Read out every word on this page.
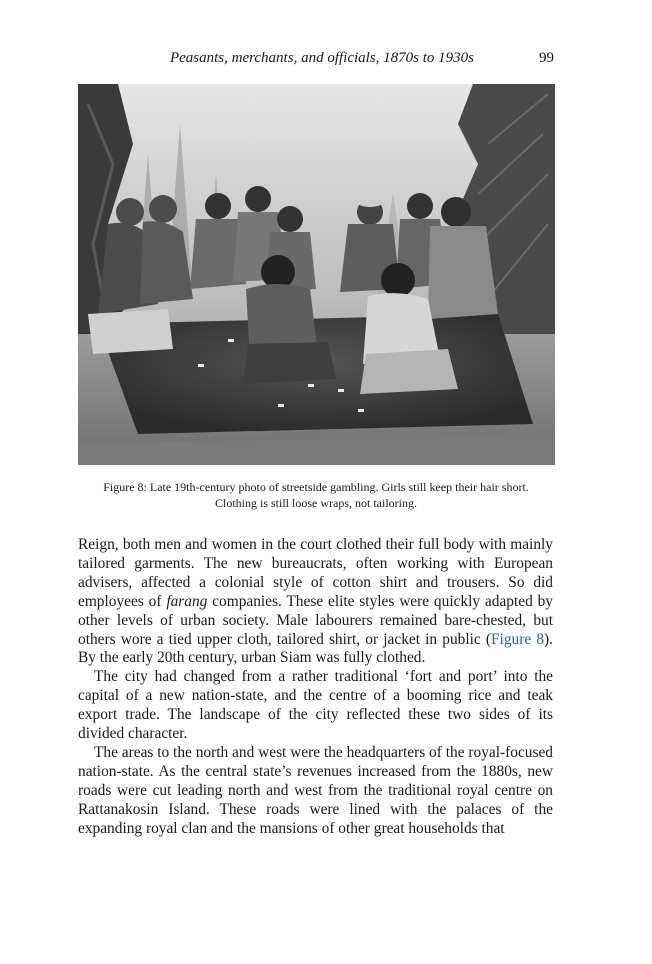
Peasants, merchants, and officials, 1870s to 1930s	99
Figure 8: Late 19th-century photo of streetside gambling. Girls still keep their hair short.
Clothing is still loose wraps, not tailoring.

Reign, both men and women in the court clothed their full body with mainly tailored garments. The new bureaucrats, often working with European advisers, affected a colonial style of cotton shirt and trousers. So did employees of farang companies. These elite styles were quickly adapted by other levels of urban society. Male labourers remained bare-chested, but others wore a tied upper cloth, tailored shirt, or jacket in public (Figure 8). By the early 20th century, urban Siam was fully clothed.

The city had changed from a rather traditional ‘fort and port’ into the capital of a new nation-state, and the centre of a booming rice and teak export trade. The landscape of the city reflected these two sides of its divided character.

The areas to the north and west were the headquarters of the royal-focused nation-state. As the central state’s revenues increased from the 1880s, new roads were cut leading north and west from the traditional royal centre on Rattanakosin Island. These roads were lined with the palaces of the expanding royal clan and the mansions of other great households that
